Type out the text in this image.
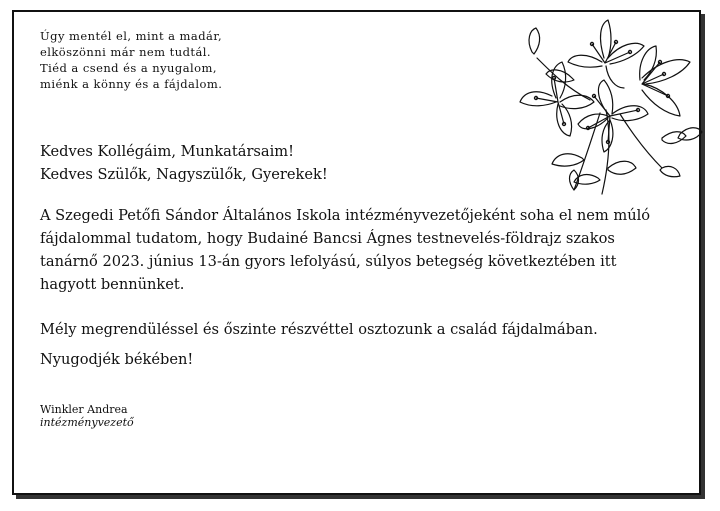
Úgy mentél el, mint a madár,
elköszönni már nem tudtál.
Tiéd a csend és a nyugalom,
miénk a könny és a fájdalom.
Kedves Kollégáim, Munkatársaim!
Kedves Szülők, Nagyszülők, Gyerekek!
A Szegedi Petőfi Sándor Általános Iskola intézményvezetőjeként soha el nem múló fájdalommal tudatom, hogy Budainé Bancsi Ágnes testnevelés-földrajz szakos tanárnő 2023. június 13-án gyors lefolyású, súlyos betegség következtében itt hagyott bennünket.
Mély megrendüléssel és őszinte részvéttel osztozunk a család fájdalmában.
Nyugodjék békében!
Winkler Andrea
intézményvezető
